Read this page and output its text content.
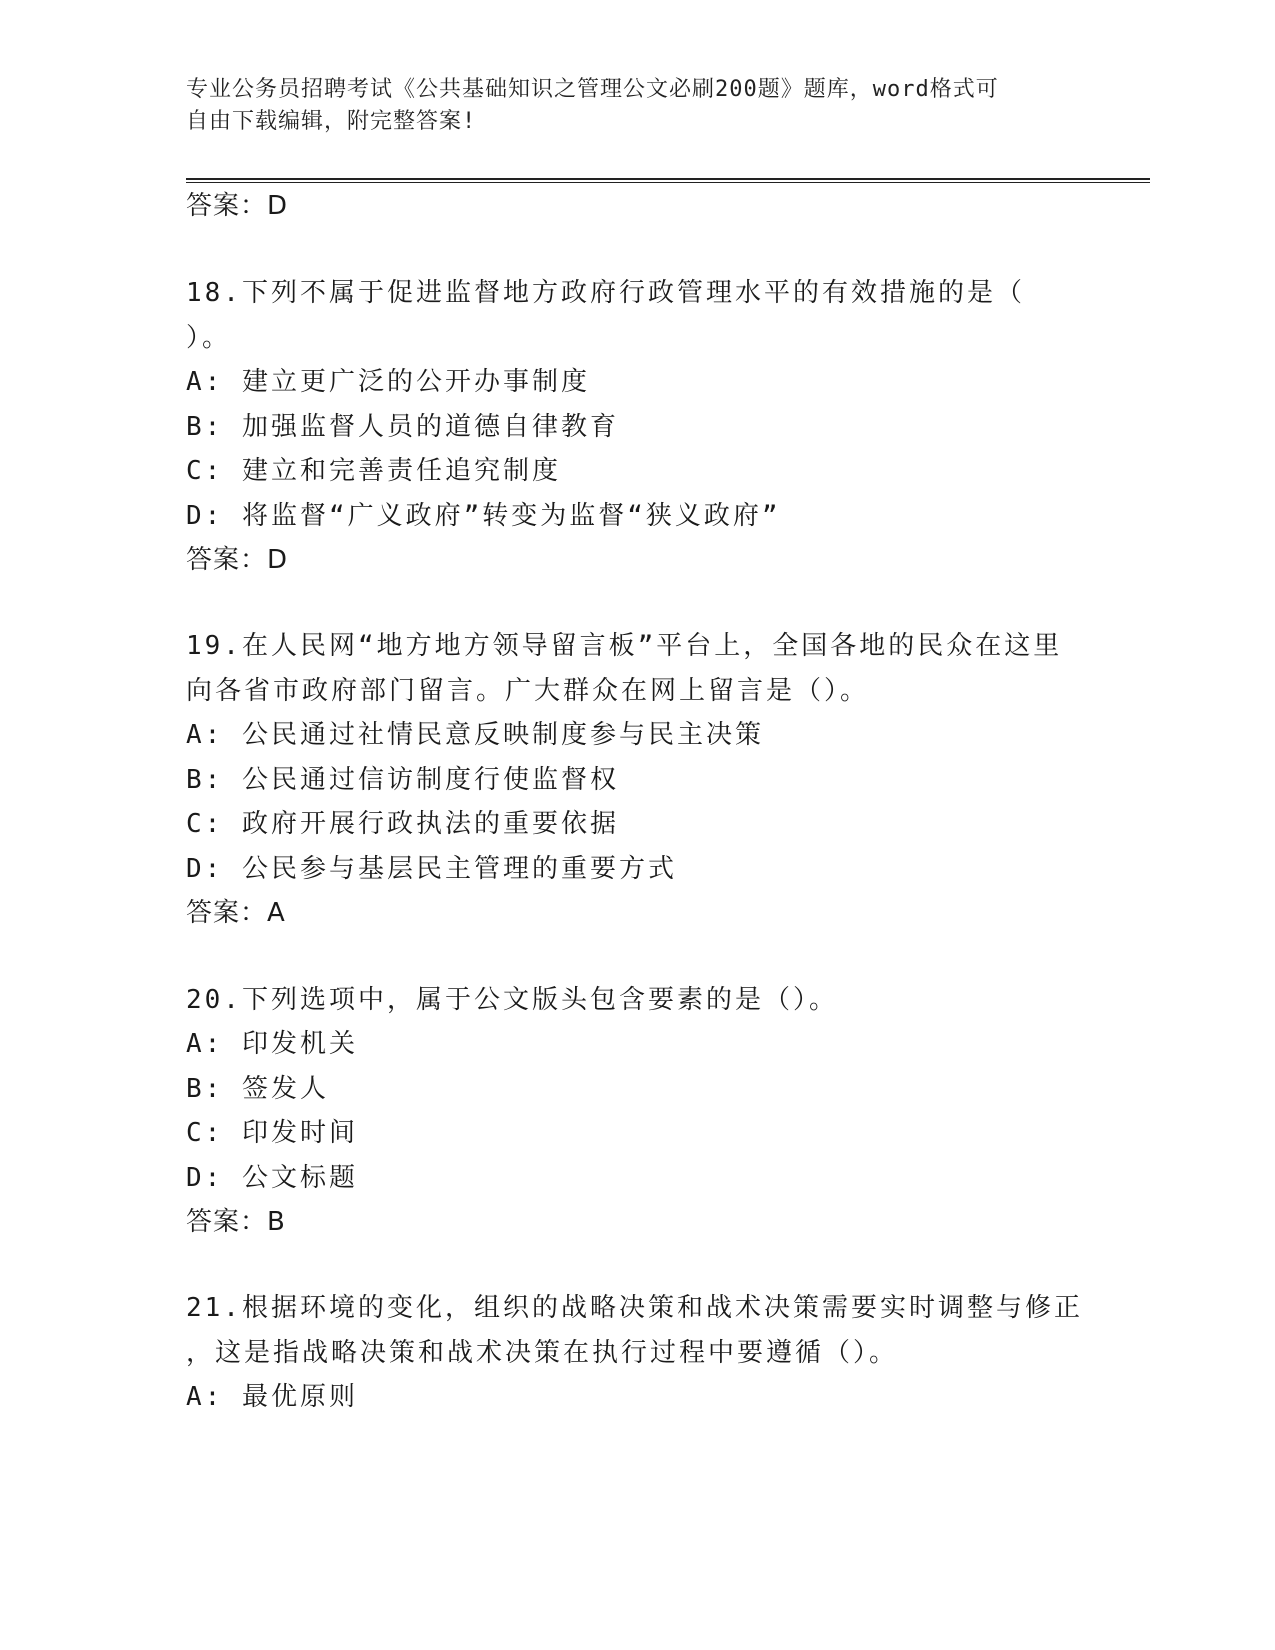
专业公务员招聘考试《公共基础知识之管理公文必刷200题》题库，word格式可
自由下载编辑，附完整答案!
答案：D
18.下列不属于促进监督地方政府行政管理水平的有效措施的是（
）。
A: 建立更广泛的公开办事制度
B: 加强监督人员的道德自律教育
C: 建立和完善责任追究制度
D: 将监督“广义政府”转变为监督“狭义政府”
答案：D
19.在人民网“地方地方领导留言板”平台上，全国各地的民众在这里
向各省市政府部门留言。广大群众在网上留言是（）。
A: 公民通过社情民意反映制度参与民主决策
B: 公民通过信访制度行使监督权
C: 政府开展行政执法的重要依据
D: 公民参与基层民主管理的重要方式
答案：A
20.下列选项中，属于公文版头包含要素的是（）。
A: 印发机关
B: 签发人
C: 印发时间
D: 公文标题
答案：B
21.根据环境的变化，组织的战略决策和战术决策需要实时调整与修正
，这是指战略决策和战术决策在执行过程中要遵循（）。
A: 最优原则
